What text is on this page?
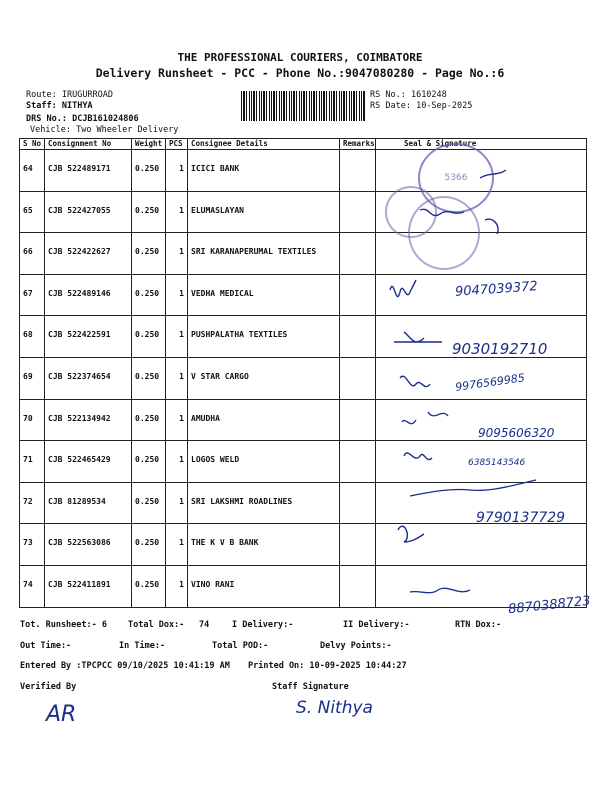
THE PROFESSIONAL COURIERS, COIMBATORE
Delivery Runsheet - PCC - Phone No.:9047080280 - Page No.:6
Route: IRUGURROAD
Staff: NITHYA
DRS No.: DCJB161024806
Vehicle: Two Wheeler Delivery
RS No.: 1610248
RS Date: 10-Sep-2025
S No	Consignment No	Weight	PCS	Consignee Details	Remarks	Seal & Signature
64	CJB 522489171	0.250	1	ICICI BANK		
65	CJB 522427055	0.250	1	ELUMASLAYAN		
66	CJB 522422627	0.250	1	SRI KARANAPERUMAL TEXTILES		
67	CJB 522489146	0.250	1	VEDHA MEDICAL		
68	CJB 522422591	0.250	1	PUSHPALATHA TEXTILES		
69	CJB 522374654	0.250	1	V STAR CARGO		
70	CJB 522134942	0.250	1	AMUDHA		
71	CJB 522465429	0.250	1	LOGOS WELD		
72	CJB 81289534	0.250	1	SRI LAKSHMI ROADLINES		
73	CJB 522563086	0.250	1	THE K V B BANK		
74	CJB 522411891	0.250	1	VINO RANI		
5366
9047039372
9030192710
9976569985
9095606320
6385143546
9790137729
8870388723
Tot. Runsheet:- 6 Total Dox:- 74	I Delivery:-	II Delivery:-	RTN Dox:-
Out Time:-	In Time:-	Total POD:-	Delvy Points:-
Entered By :TPCPCC 09/10/2025 10:41:19 AM Printed On: 10-09-2025 10:44:27
Verified By	Staff Signature
AR	S. Nithya
